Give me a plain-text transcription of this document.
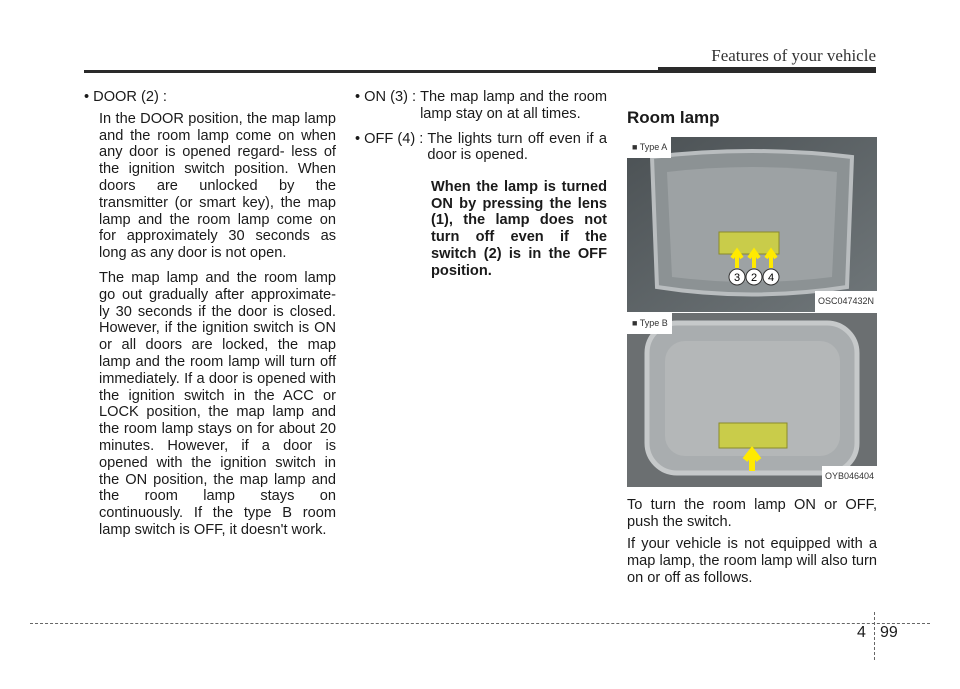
Features of your vehicle

• DOOR (2) :

In the DOOR position, the map lamp and the room lamp come on when any door is opened regard- less of the ignition switch position. When doors are unlocked by the transmitter (or smart key), the map lamp and the room lamp come on for approximately 30 seconds as long as any door is not open.

The map lamp and the room lamp go out gradually after approximate- ly 30 seconds if the door is closed. However, if the ignition switch is ON or all doors are locked, the map lamp and the room lamp will turn off immediately. If a door is opened with the ignition switch in the ACC or LOCK position, the map lamp and the room lamp stays on for about 20 minutes. However, if a door is opened with the ignition switch in the ON position, the map lamp and the room lamp stays on continuously. If the type B room lamp switch is OFF, it doesn't work.

• ON (3) : The map lamp and the room lamp stay on at all times.
• OFF (4) : The lights turn off even if a door is opened.

When the lamp is turned ON by pressing the lens (1), the lamp does not turn off even if the switch (2) is in the OFF position.

Room lamp
3 2 4
■ Type A
OSC047432N
■ Type B
OYB046404

To turn the room lamp ON or OFF, push the switch.

If your vehicle is not equipped with a map lamp, the room lamp will also turn on or off as follows.

4 99
